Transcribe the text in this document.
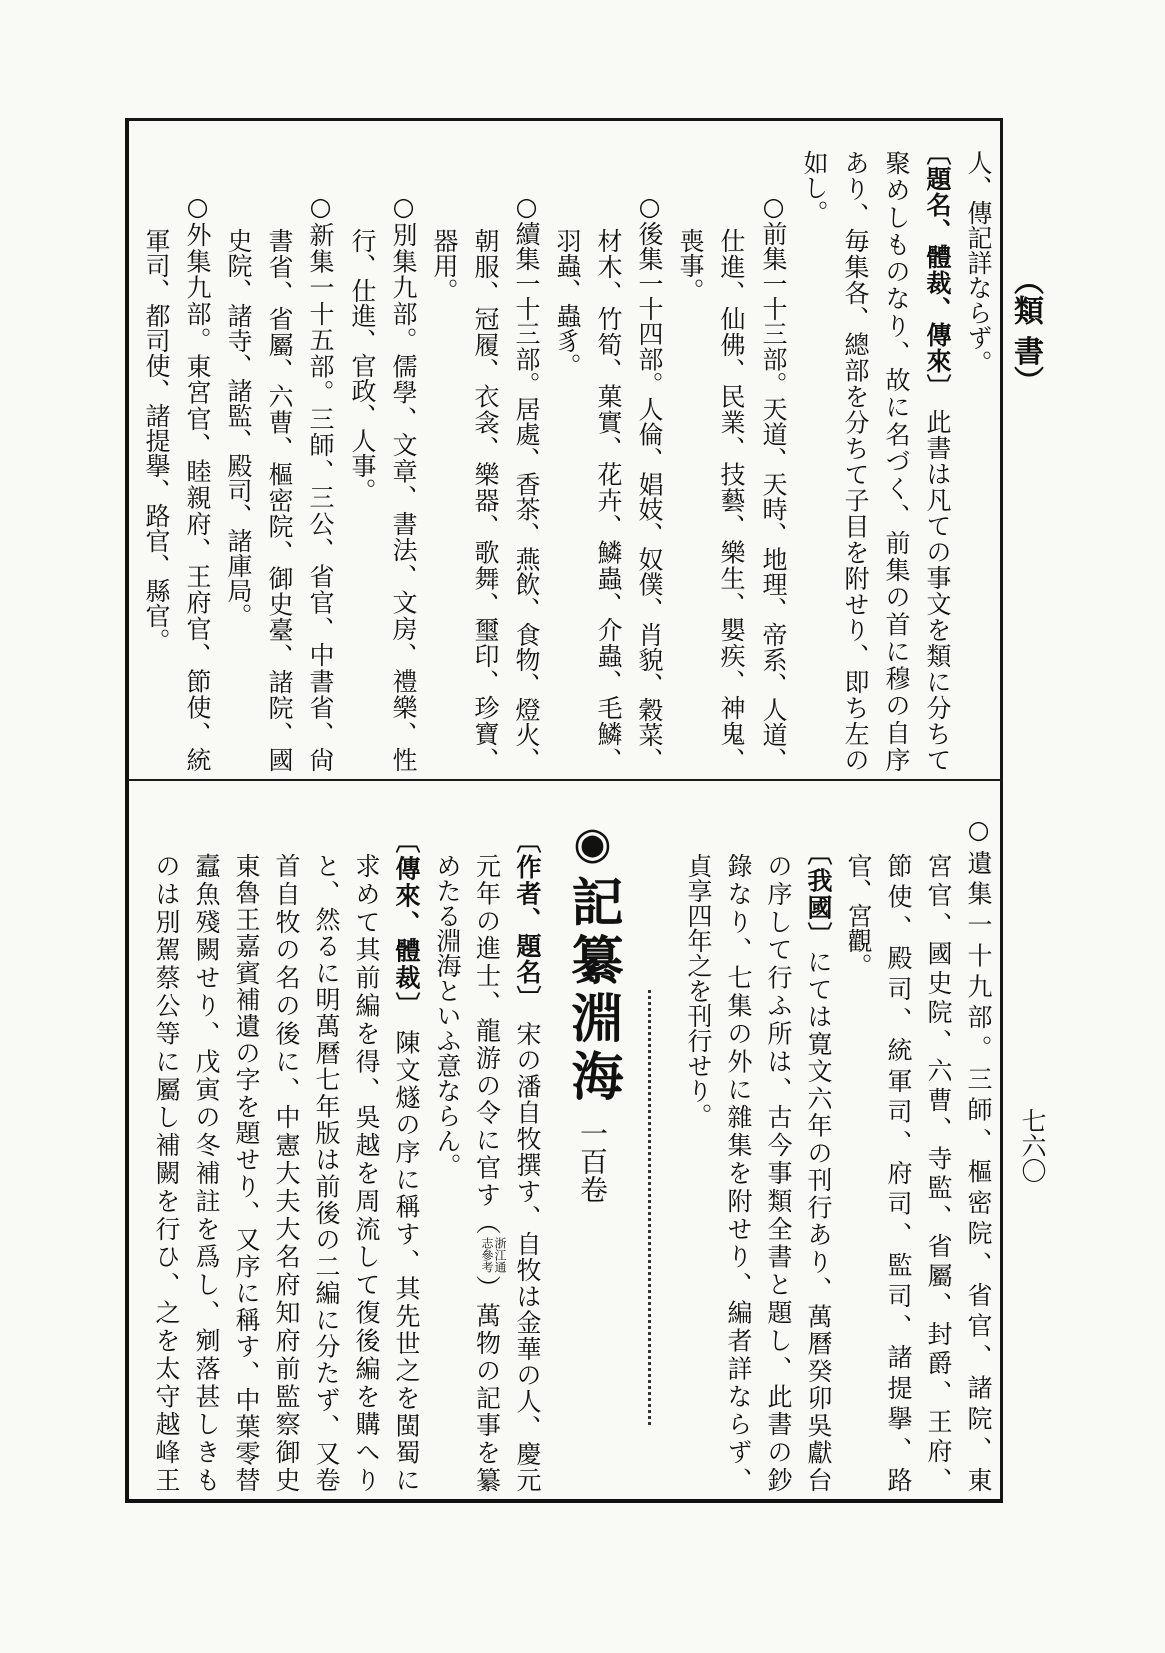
（類 書）
七六〇
人、傳記詳ならず。
〔題名、體裁、傳來〕 此書は凡ての事文を類に分ちて
聚めしものなり、故に名づく、前集の首に穆の自序
あり、毎集各、總部を分ちて子目を附せり、即ち左の
如し。
○前集一十三部。天道、天時、地理、帝系、人道、
仕進、仙佛、民業、技藝、樂生、嬰疾、神鬼、
喪事。
○後集一十四部。人倫、娼妓、奴僕、肖貌、穀菜、
材木、竹筍、菓實、花卉、鱗蟲、介蟲、毛鱗、
羽蟲、蟲豸。
○續集一十三部。居處、香茶、燕飲、食物、燈火、
朝服、冠履、衣衾、樂器、歌舞、璽印、珍寶、
器用。
○別集九部。儒學、文章、書法、文房、禮樂、性
行、仕進、官政、人事。
○新集一十五部。三師、三公、省官、中書省、尙
書省、省屬、六曹、樞密院、御史臺、諸院、國
史院、諸寺、諸監、殿司、諸庫局。
○外集九部。東宮官、睦親府、王府官、節使、統
軍司、都司使、諸提擧、路官、縣官。
○遺集一十九部。三師、樞密院、省官、諸院、東
宮官、國史院、六曹、寺監、省屬、封爵、王府、
節使、殿司、統軍司、府司、監司、諸提擧、路
官、宮觀。
〔我國〕にては寛文六年の刊行あり、萬曆癸卯吳獻台
の序して行ふ所は、古今事類全書と題し、此書の鈔
錄なり、七集の外に雜集を附せり、編者詳ならず、
貞享四年之を刊行せり。
◉記纂淵海一百卷
〔作者、題名〕 宋の潘自牧撰す、自牧は金華の人、慶元
元年の進士、龍游の令に官す（
浙江通
志參考
）萬物の記事を纂
めたる淵海といふ意ならん。
〔傳來、體裁〕 陳文燧の序に稱す、其先世之を閩蜀に
求めて其前編を得、吳越を周流して復後編を購へり
と、然るに明萬曆七年版は前後の二編に分たず、又卷
首自牧の名の後に、中憲大夫大名府知府前監察御史
東魯王嘉賓補遺の字を題せり、又序に稱す、中葉零替
蠧魚殘闕せり、戊寅の冬補註を爲し、剜落甚しきも
のは別駕蔡公等に屬し補闕を行ひ、之を太守越峰王
